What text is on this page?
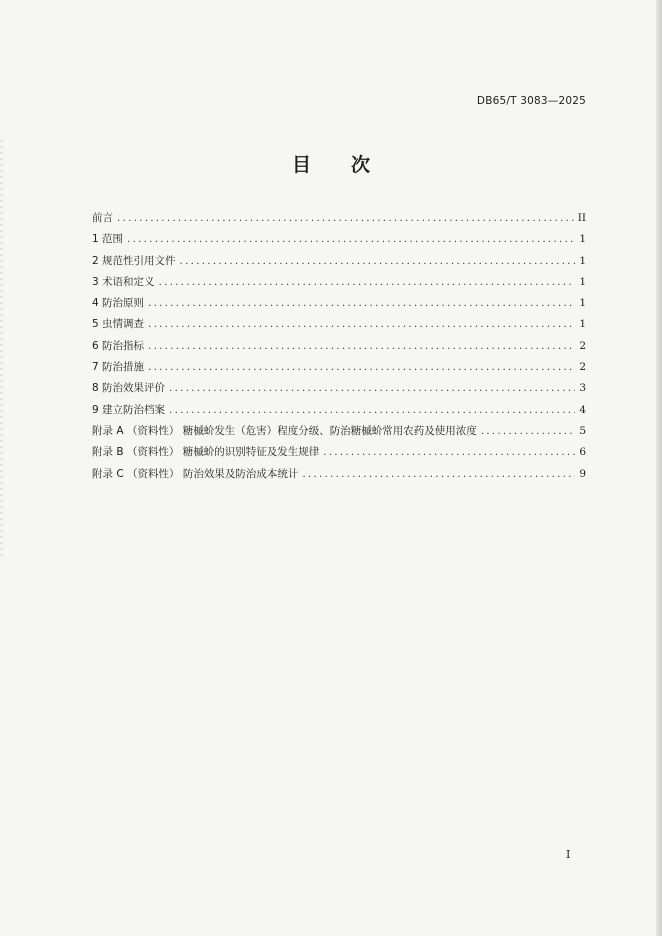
DB65/T 3083—2025
目 次
前言 .....	II
1 范围 .....	1
2 规范性引用文件 .....	1
3 术语和定义 .....	1
4 防治原则 .....	1
5 虫情调查 .....	1
6 防治指标 .....	2
7 防治措施 .....	2
8 防治效果评价 .....	3
9 建立防治档案 .....	4
附录 A （资料性） 糖槭蚧发生（危害）程度分级、防治糖槭蚧常用农药及使用浓度 .....	5
附录 B （资料性） 糖槭蚧的识别特征及发生规律 .....	6
附录 C （资料性） 防治效果及防治成本统计 .....	9
I
